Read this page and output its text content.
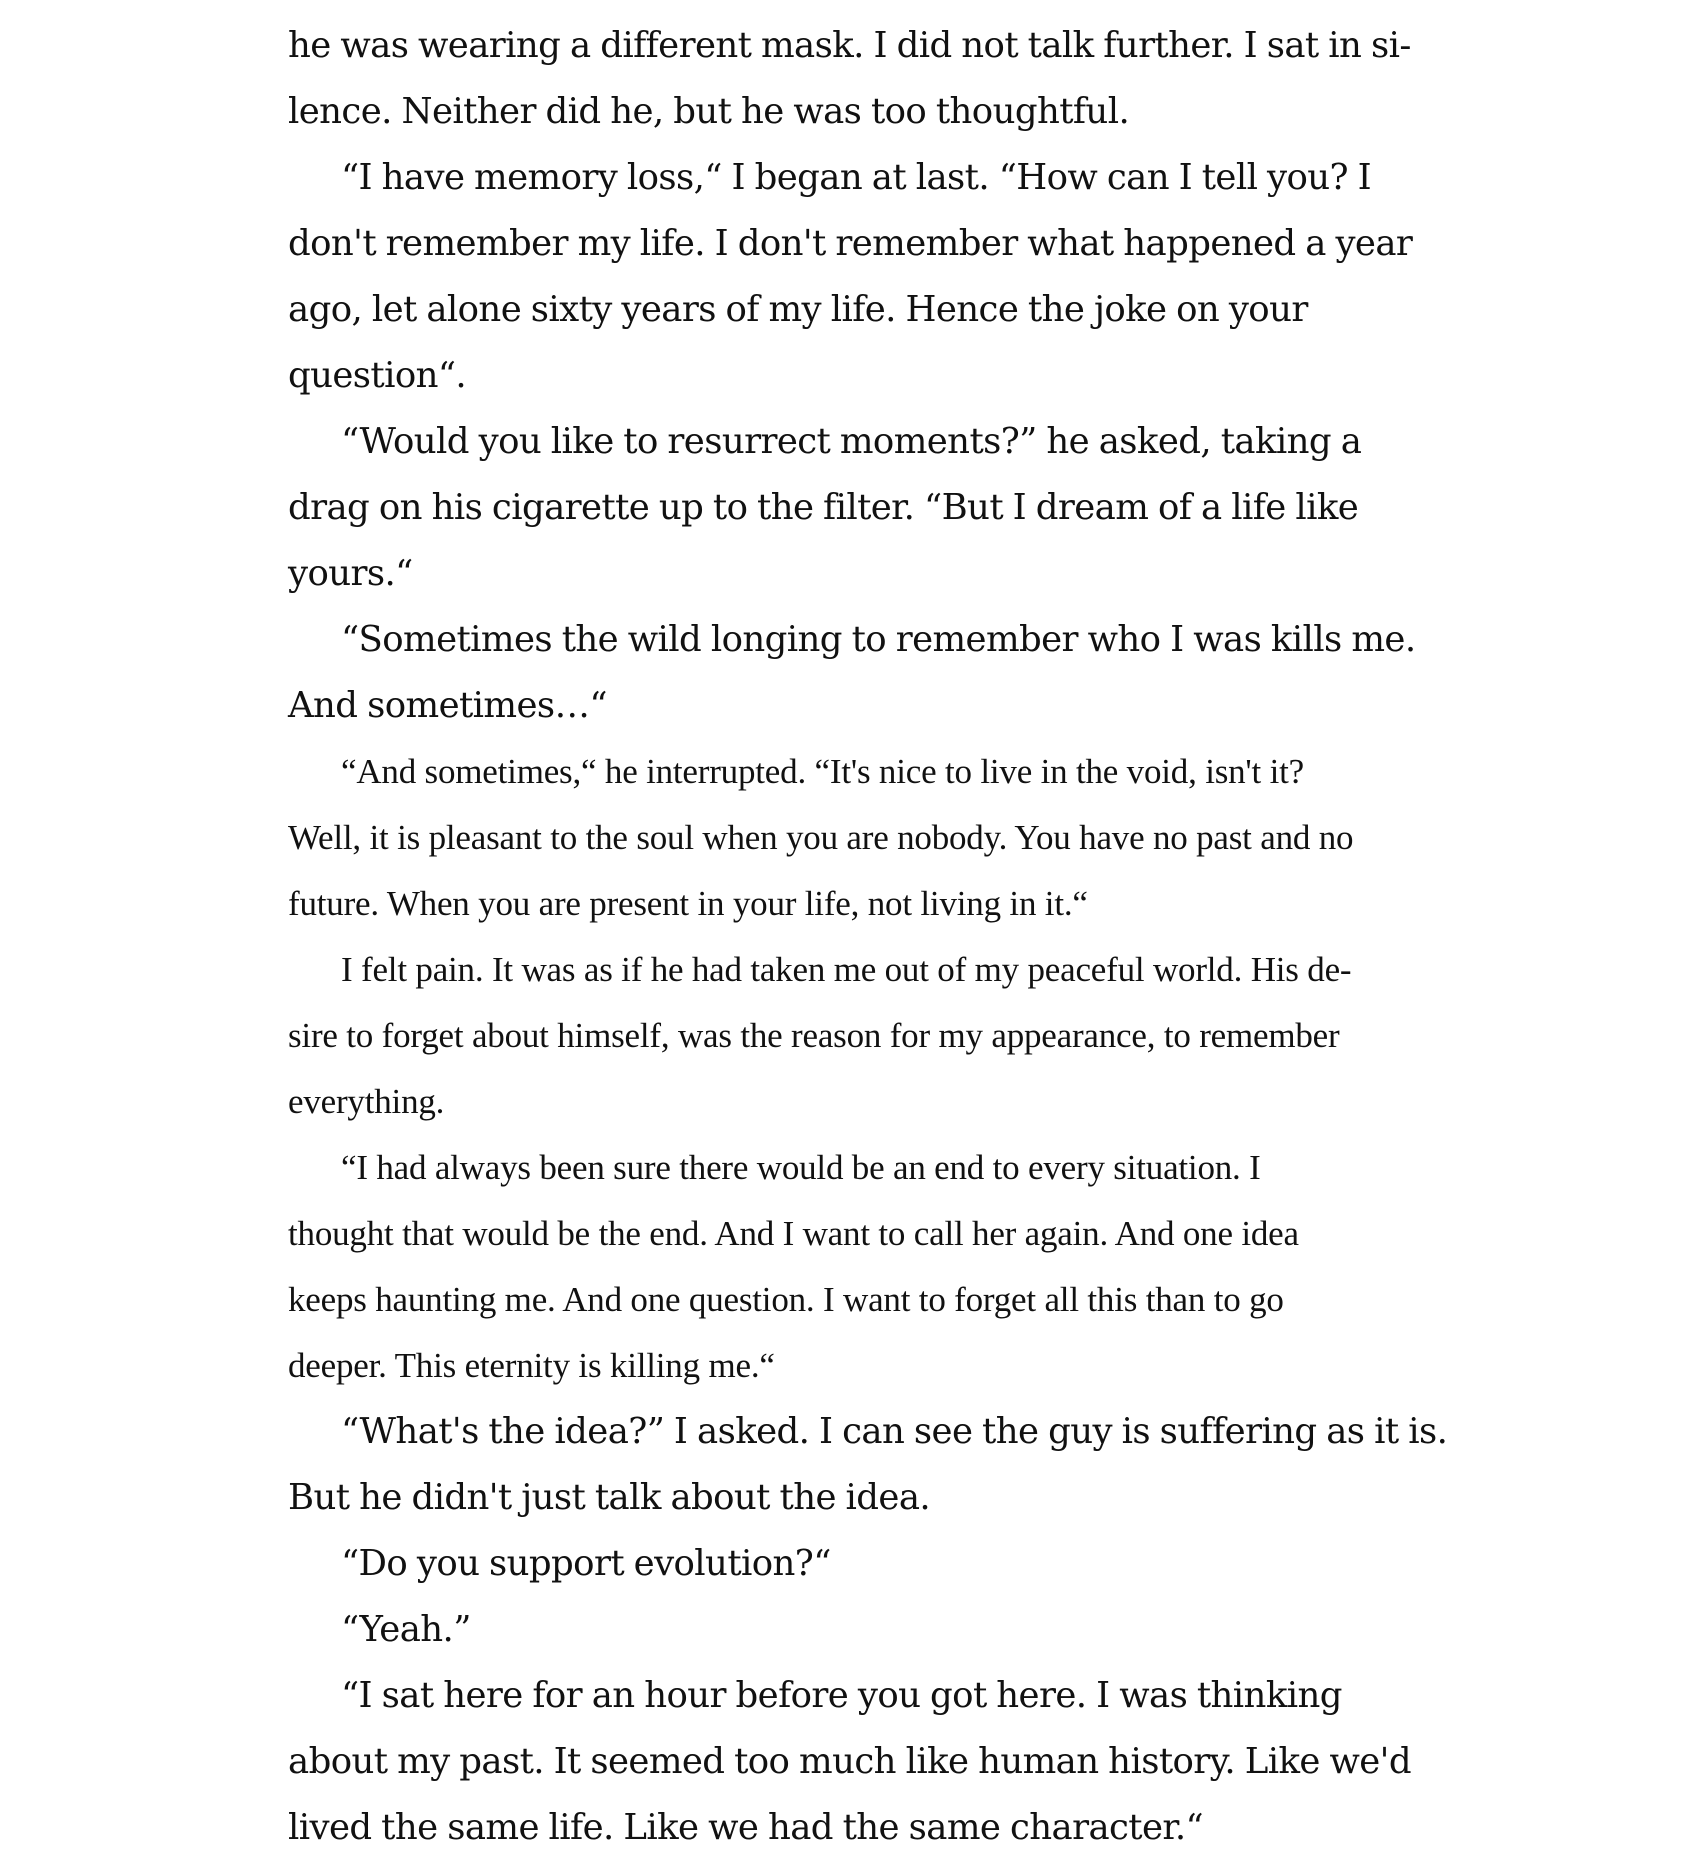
he was wearing a different mask. I did not talk further. I sat in si-
lence. Neither did he, but he was too thoughtful.
“I have memory loss,“ I began at last. “How can I tell you? I
don't remember my life. I don't remember what happened a year
ago, let alone sixty years of my life. Hence the joke on your
question“.
“Would you like to resurrect moments?” he asked, taking a
drag on his cigarette up to the filter. “But I dream of a life like
yours.“
“Sometimes the wild longing to remember who I was kills me.
And sometimes…“
“And sometimes,“ he interrupted. “It's nice to live in the void, isn't it?
Well, it is pleasant to the soul when you are nobody. You have no past and no
future. When you are present in your life, not living in it.“
I felt pain. It was as if he had taken me out of my peaceful world. His de-
sire to forget about himself, was the reason for my appearance, to remember
everything.
“I had always been sure there would be an end to every situation. I
thought that would be the end. And I want to call her again. And one idea
keeps haunting me. And one question. I want to forget all this than to go
deeper. This eternity is killing me.“
“What's the idea?” I asked. I can see the guy is suffering as it is.
But he didn't just talk about the idea.
“Do you support evolution?“
“Yeah.”
“I sat here for an hour before you got here. I was thinking
about my past. It seemed too much like human history. Like we'd
lived the same life. Like we had the same character.“
